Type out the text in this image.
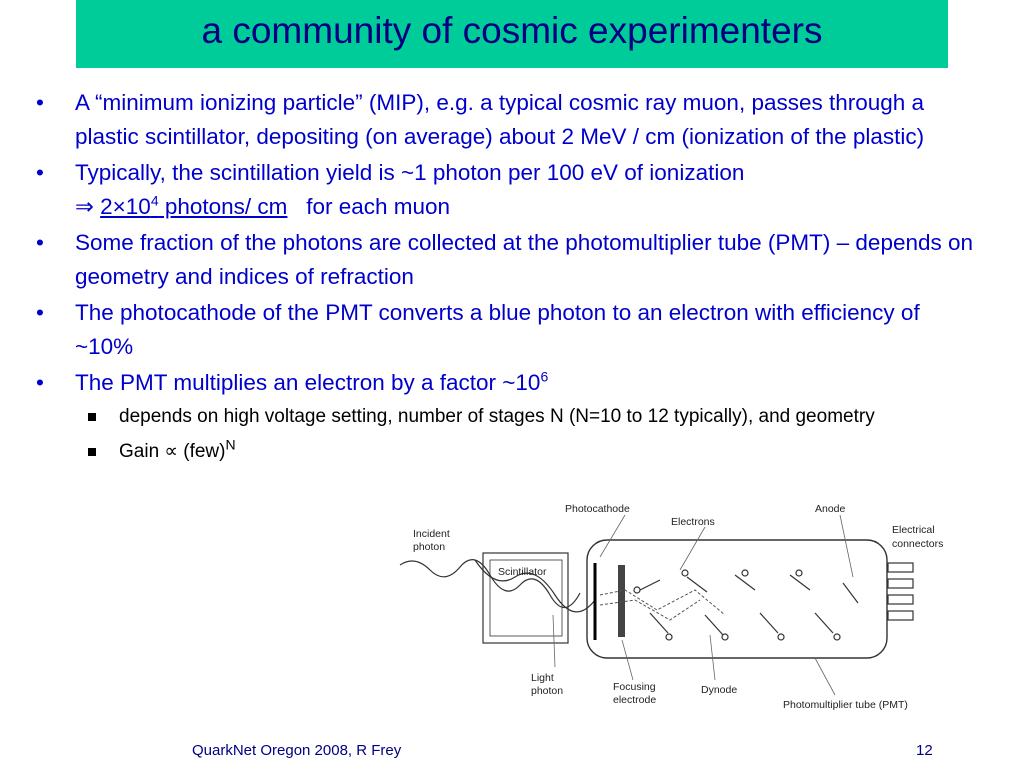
a community of cosmic experimenters
•	A “minimum ionizing particle” (MIP), e.g. a typical cosmic ray muon, passes through a plastic scintillator, depositing (on average) about 2 MeV / cm (ionization of the plastic)
•	Typically, the scintillation yield is ~1 photon per 100 eV of ionization
⇒ $2\times 10^4$ photons/ cm   for each muon
•	Some fraction of the photons are collected at the photomultiplier tube (PMT) – depends on geometry and indices of refraction
•	The photocathode of the PMT converts a blue photon to an electron with efficiency of ~10%
•	The PMT multiplies an electron by a factor $\sim 10^6$
depends on high voltage setting, number of stages N (N=10 to 12 typically), and geometry
Gain ∝ (few)$^N$
Incident
photon
Scintillator
Photocathode
Electrons
Anode
Electrical
connectors
Light
photon	Focusing
electrode
Dynode
Photomultiplier tube (PMT)
QuarkNet Oregon 2008, R Frey	12
